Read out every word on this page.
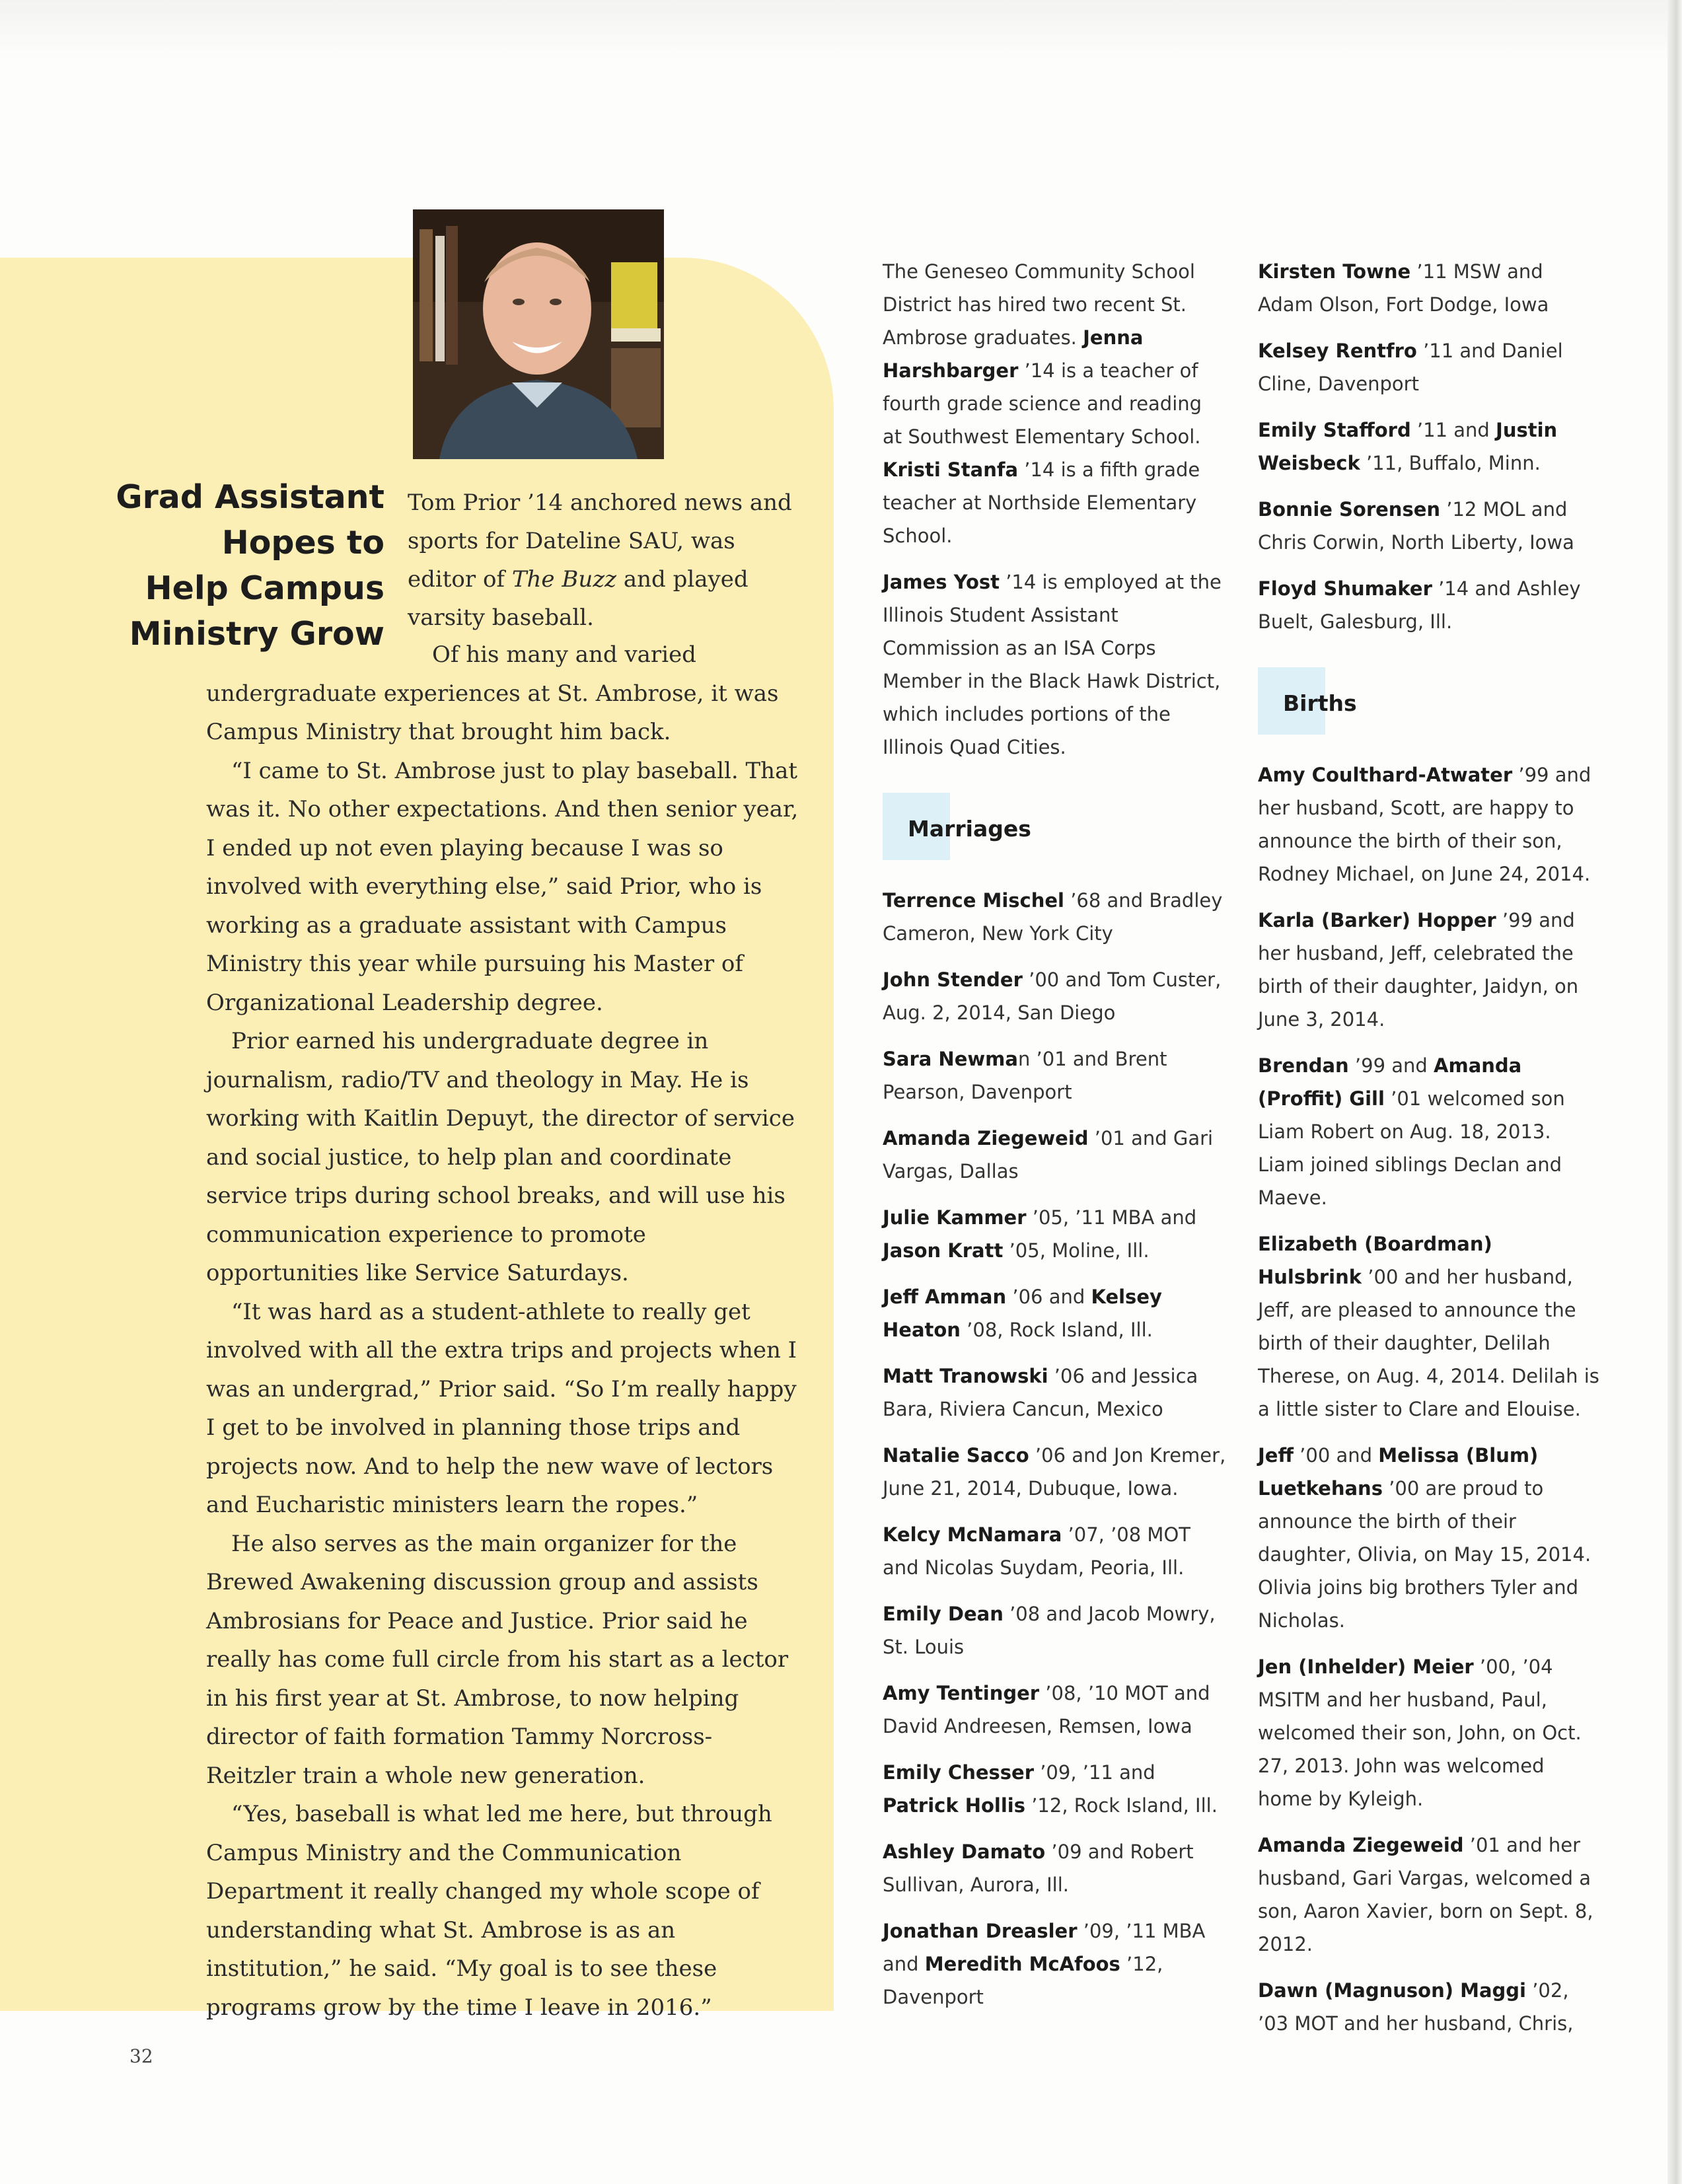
Grad Assistant
Hopes to
Help Campus
Ministry Grow

Tom Prior ’14 anchored news and sports for Dateline SAU, was editor of The Buzz and played varsity baseball.

Of his many and varied undergraduate experiences at St. Ambrose, it was Campus Ministry that brought him back.

“I came to St. Ambrose just to play baseball. That was it. No other expectations. And then senior year, I ended up not even playing because I was so involved with everything else,” said Prior, who is working as a graduate assistant with Campus Ministry this year while pursuing his Master of Organizational Leadership degree.

Prior earned his undergraduate degree in journalism, radio/TV and theology in May. He is working with Kaitlin Depuyt, the director of service and social justice, to help plan and coordinate service trips during school breaks, and will use his communication experience to promote opportunities like Service Saturdays.

“It was hard as a student-athlete to really get involved with all the extra trips and projects when I was an undergrad,” Prior said. “So I’m really happy I get to be involved in planning those trips and projects now. And to help the new wave of lectors and Eucharistic ministers learn the ropes.”

He also serves as the main organizer for the Brewed Awakening discussion group and assists Ambrosians for Peace and Justice. Prior said he really has come full circle from his start as a lector in his first year at St. Ambrose, to now helping director of faith formation Tammy Norcross-Reitzler train a whole new generation.

“Yes, baseball is what led me here, but through Campus Ministry and the Communication Department it really changed my whole scope of understanding what St. Ambrose is as an institution,” he said. “My goal is to see these programs grow by the time I leave in 2016.”

The Geneseo Community School District has hired two recent St. Ambrose graduates. Jenna Harshbarger ’14 is a teacher of fourth grade science and reading at Southwest Elementary School. Kristi Stanfa ’14 is a fifth grade teacher at Northside Elementary School.

James Yost ’14 is employed at the Illinois Student Assistant Commission as an ISA Corps Member in the Black Hawk District, which includes portions of the Illinois Quad Cities.

Marriages

Terrence Mischel ’68 and Bradley Cameron, New York City

John Stender ’00 and Tom Custer, Aug. 2, 2014, San Diego

Sara Newman ’01 and Brent Pearson, Davenport

Amanda Ziegeweid ’01 and Gari Vargas, Dallas

Julie Kammer ’05, ’11 MBA and Jason Kratt ’05, Moline, Ill.

Jeff Amman ’06 and Kelsey Heaton ’08, Rock Island, Ill.

Matt Tranowski ’06 and Jessica Bara, Riviera Cancun, Mexico

Natalie Sacco ’06 and Jon Kremer, June 21, 2014, Dubuque, Iowa.

Kelcy McNamara ’07, ’08 MOT and Nicolas Suydam, Peoria, Ill.

Emily Dean ’08 and Jacob Mowry, St. Louis

Amy Tentinger ’08, ’10 MOT and David Andreesen, Remsen, Iowa

Emily Chesser ’09, ’11 and Patrick Hollis ’12, Rock Island, Ill.

Ashley Damato ’09 and Robert Sullivan, Aurora, Ill.

Jonathan Dreasler ’09, ’11 MBA and Meredith McAfoos ’12, Davenport

Kirsten Towne ’11 MSW and Adam Olson, Fort Dodge, Iowa

Kelsey Rentfro ’11 and Daniel Cline, Davenport

Emily Stafford ’11 and Justin Weisbeck ’11, Buffalo, Minn.

Bonnie Sorensen ’12 MOL and Chris Corwin, North Liberty, Iowa

Floyd Shumaker ’14 and Ashley Buelt, Galesburg, Ill.

Births

Amy Coulthard-Atwater ’99 and her husband, Scott, are happy to announce the birth of their son, Rodney Michael, on June 24, 2014.

Karla (Barker) Hopper ’99 and her husband, Jeff, celebrated the birth of their daughter, Jaidyn, on June 3, 2014.

Brendan ’99 and Amanda (Proffit) Gill ’01 welcomed son Liam Robert on Aug. 18, 2013. Liam joined siblings Declan and Maeve.

Elizabeth (Boardman) Hulsbrink ’00 and her husband, Jeff, are pleased to announce the birth of their daughter, Delilah Therese, on Aug. 4, 2014. Delilah is a little sister to Clare and Elouise.

Jeff ’00 and Melissa (Blum) Luetkehans ’00 are proud to announce the birth of their daughter, Olivia, on May 15, 2014. Olivia joins big brothers Tyler and Nicholas.

Jen (Inhelder) Meier ’00, ’04 MSITM and her husband, Paul, welcomed their son, John, on Oct. 27, 2013. John was welcomed home by Kyleigh.

Amanda Ziegeweid ’01 and her husband, Gari Vargas, welcomed a son, Aaron Xavier, born on Sept. 8, 2012.

Dawn (Magnuson) Maggi ’02, ’03 MOT and her husband, Chris,

32
